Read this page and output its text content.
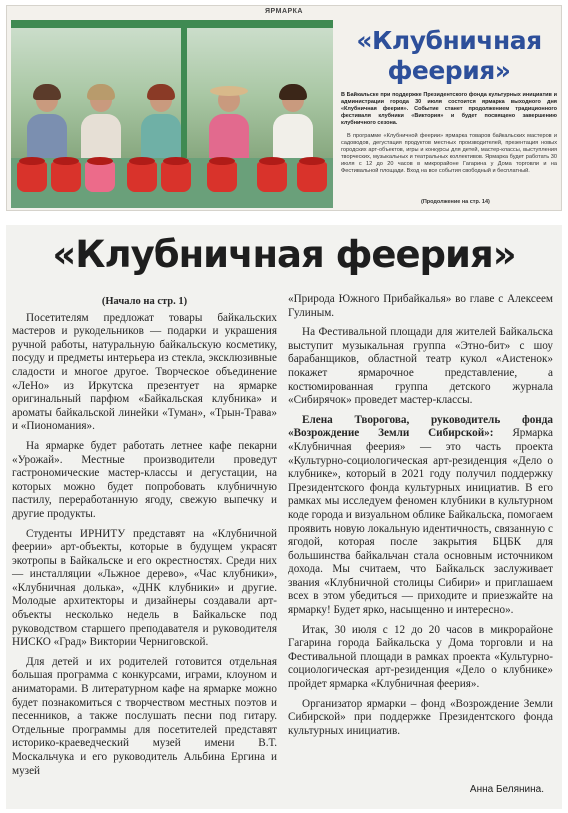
ЯРМАРКА
«Клубничная
феерия»
В Байкальске при поддержке Президентского фонда культурных инициатив и администрации города 30 июля состоится ярмарка выходного дня «Клубничная феерия». Событие станет продолжением традиционного фестиваля клубники «Виктория» и будет посвящено завершению клубничного сезона.
В программе «Клубничной феерии» ярмарка товаров байкальских мастеров и садоводов, дегустация продуктов местных производителей, презентация новых городских арт-объектов, игры и конкурсы для детей, мастер-классы, выступления творческих, музыкальных и театральных коллективов. Ярмарка будет работать 30 июля с 12 до 20 часов в микрорайоне Гагарина у Дома торговли и на Фестивальной площади. Вход на все события свободный и бесплатный.
(Продолжение на стр. 14)
«Клубничная феерия»
(Начало на стр. 1)

Посетителям предложат товары байкальских мастеров и рукодельников — подарки и украшения ручной работы, натуральную байкальскую косметику, посуду и предметы интерьера из стекла, эксклюзивные сладости и многое другое. Творческое объединение «ЛеНо» из Иркутска презентует на ярмарке оригинальный парфюм «Байкальская клубника» и ароматы байкальской линейки «Туман», «Трын-Трава» и «Пиономания».

На ярмарке будет работать летнее кафе пекарни «Урожай». Местные производители проведут гастрономические мастер-классы и дегустации, на которых можно будет попробовать клубничную пастилу, переработанную ягоду, свежую выпечку и другие продукты.

Студенты ИРНИТУ представят на «Клубничной феерии» арт-объекты, которые в будущем украсят экотропы в Байкальске и его окрестностях. Среди них — инсталляции «Льжное дерево», «Час клубники», «Клубничная долька», «ДНК клубники» и другие. Молодые архитекторы и дизайнеры создавали арт-объекты несколько недель в Байкальске под руководством старшего преподавателя и руководителя НИСКО «Град» Виктории Черниговской.

Для детей и их родителей готовится отдельная большая программа с конкурсами, играми, клоуном и аниматорами. В литературном кафе на ярмарке можно будет познакомиться с творчеством местных поэтов и песенников, а также послушать песни под гитару. Отдельные программы для посетителей представят историко-краеведческий музей имени В.Т. Москальчука и его руководитель Альбина Ергина и музей

«Природа Южного Прибайкалья» во главе с Алексеем Гулиным.

На Фестивальной площади для жителей Байкальска выступит музыкальная группа «Этно-бит» с шоу барабанщиков, областной театр кукол «Аистенок» покажет ярмарочное представление, а костюмированная группа детского журнала «Сибирячок» проведет мастер-классы.

Елена Творогова, руководитель фонда «Возрождение Земли Сибирской»: Ярмарка «Клубничная феерия» — это часть проекта «Культурно-социологическая арт-резиденция «Дело о клубнике», который в 2021 году получил поддержку Президентского фонда культурных инициатив. В его рамках мы исследуем феномен клубники в культурном коде города и визуальном облике Байкальска, помогаем проявить новую локальную идентичность, связанную с ягодой, которая после закрытия БЦБК для большинства байкальчан стала основным источником дохода. Мы считаем, что Байкальск заслуживает звания «Клубничной столицы Сибири» и приглашаем всех в этом убедиться — приходите и приезжайте на ярмарку! Будет ярко, насыщенно и интересно».

Итак, 30 июля с 12 до 20 часов в микрорайоне Гагарина города Байкальска у Дома торговли и на Фестивальной площади в рамках проекта «Культурно-социологическая арт-резиденция «Дело о клубнике» пройдет ярмарка «Клубничная феерия».

Организатор ярмарки – фонд «Возрождение Земли Сибирской» при поддержке Президентского фонда культурных инициатив.

Анна Белянина.
